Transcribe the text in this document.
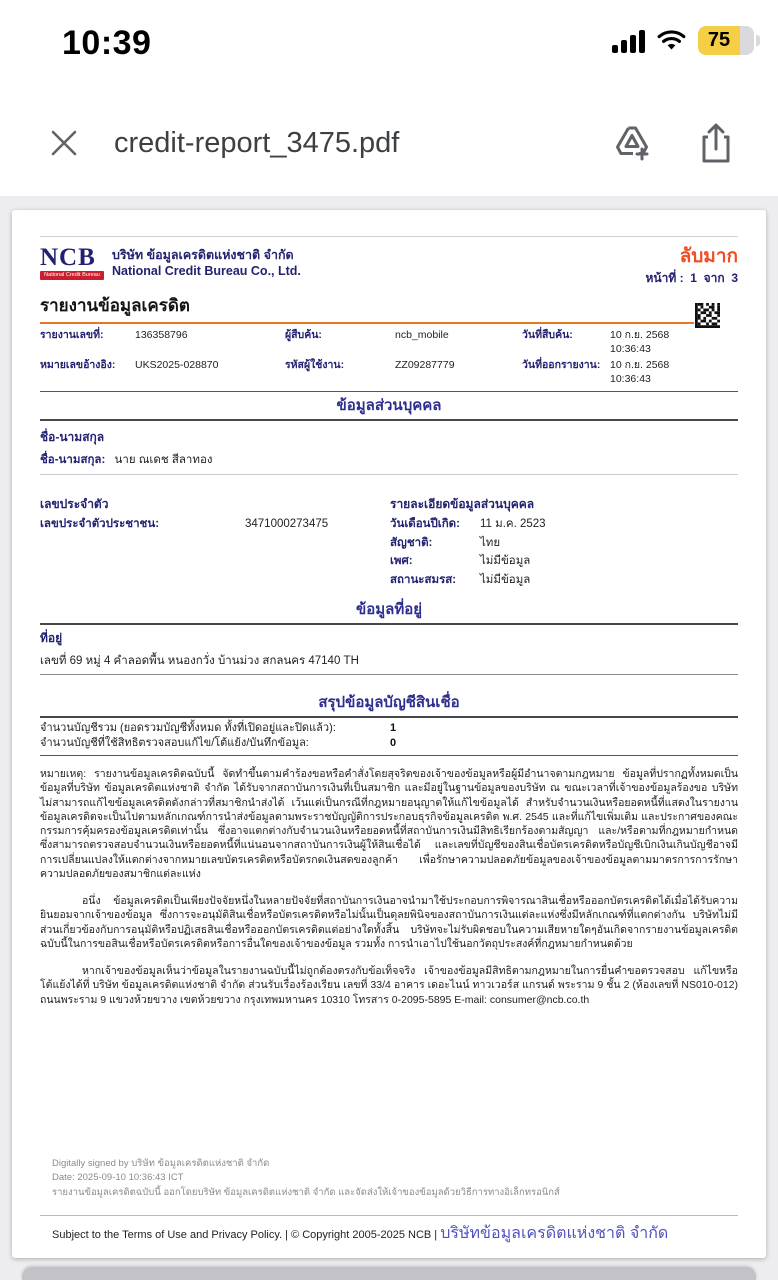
10:39	75
credit-report_3475.pdf
NCB
National Credit Bureau
บริษัท ข้อมูลเครดิตแห่งชาติ จำกัด
National Credit Bureau Co., Ltd.
ลับมาก
หน้าที่ :  1  จาก  3
รายงานข้อมูลเครดิต
รายงานเลขที่:	136358796	ผู้สืบค้น:	ncb_mobile	วันที่สืบค้น:	10 ก.ย. 2568 10:36:43
หมายเลขอ้างอิง:	UKS2025-028870	รหัสผู้ใช้งาน:	ZZ09287779	วันที่ออกรายงาน: 10 ก.ย. 2568 10:36:43
ข้อมูลส่วนบุคคล
ชื่อ-นามสกุล
ชื่อ-นามสกุล: นาย ณเดช สีลาทอง
เลขประจำตัว
เลขประจำตัวประชาชน:	3471000273475
รายละเอียดข้อมูลส่วนบุคคล
วันเดือนปีเกิด:	11 ม.ค. 2523
สัญชาติ:	ไทย
เพศ:	ไม่มีข้อมูล
สถานะสมรส:	ไม่มีข้อมูล
ข้อมูลที่อยู่
ที่อยู่
เลขที่ 69 หมู่ 4 คำลอดพื้น หนองกวั่ง บ้านม่วง สกลนคร 47140 TH
สรุปข้อมูลบัญชีสินเชื่อ
จำนวนบัญชีรวม (ยอดรวมบัญชีทั้งหมด ทั้งที่เปิดอยู่และปิดแล้ว):	1
จำนวนบัญชีที่ใช้สิทธิตรวจสอบแก้ไข/โต้แย้ง/บันทึกข้อมูล:	0

หมายเหตุ: รายงานข้อมูลเครดิตฉบับนี้ จัดทำขึ้นตามคำร้องขอหรือคำสั่งโดยสุจริตของเจ้าของข้อมูลหรือผู้มีอำนาจตามกฎหมาย ข้อมูลที่ปรากฏทั้งหมดเป็นข้อมูลที่บริษัท ข้อมูลเครดิตแห่งชาติ จำกัด ได้รับจากสถาบันการเงินที่เป็นสมาชิก และมีอยู่ในฐานข้อมูลของบริษัท ณ ขณะเวลาที่เจ้าของข้อมูลร้องขอ บริษัทไม่สามารถแก้ไขข้อมูลเครดิตดังกล่าวที่สมาชิกนำส่งได้ เว้นแต่เป็นกรณีที่กฎหมายอนุญาตให้แก้ไขข้อมูลได้ สำหรับจำนวนเงินหรือยอดหนี้ที่แสดงในรายงานข้อมูลเครดิตจะเป็นไปตามหลักเกณฑ์การนำส่งข้อมูลตามพระราชบัญญัติการประกอบธุรกิจข้อมูลเครดิต พ.ศ. 2545 และที่แก้ไขเพิ่มเติม และประกาศของคณะกรรมการคุ้มครองข้อมูลเครดิตเท่านั้น ซึ่งอาจแตกต่างกับจำนวนเงินหรือยอดหนี้ที่สถาบันการเงินมีสิทธิเรียกร้องตามสัญญา และ/หรือตามที่กฎหมายกำหนด ซึ่งสามารถตรวจสอบจำนวนเงินหรือยอดหนี้ที่แน่นอนจากสถาบันการเงินผู้ให้สินเชื่อได้ และเลขที่บัญชีของสินเชื่อบัตรเครดิตหรือบัญชีเบิกเงินเกินบัญชีอาจมีการเปลี่ยนแปลงให้แตกต่างจากหมายเลขบัตรเครดิตหรือบัตรกดเงินสดของลูกค้า เพื่อรักษาความปลอดภัยข้อมูลของเจ้าของข้อมูลตามมาตรการการรักษาความปลอดภัยของสมาชิกแต่ละแห่ง

อนึ่ง ข้อมูลเครดิตเป็นเพียงปัจจัยหนึ่งในหลายปัจจัยที่สถาบันการเงินอาจนำมาใช้ประกอบการพิจารณาสินเชื่อหรือออกบัตรเครดิตได้เมื่อได้รับความยินยอมจากเจ้าของข้อมูล ซึ่งการจะอนุมัติสินเชื่อหรือบัตรเครดิตหรือไม่นั้นเป็นดุลยพินิจของสถาบันการเงินแต่ละแห่งซึ่งมีหลักเกณฑ์ที่แตกต่างกัน บริษัทไม่มีส่วนเกี่ยวข้องกับการอนุมัติหรือปฏิเสธสินเชื่อหรือออกบัตรเครดิตแต่อย่างใดทั้งสิ้น บริษัทจะไม่รับผิดชอบในความเสียหายใดๆอันเกิดจากรายงานข้อมูลเครดิตฉบับนี้ในการขอสินเชื่อหรือบัตรเครดิตหรือการอื่นใดของเจ้าของข้อมูล รวมทั้ง การนำเอาไปใช้นอกวัตถุประสงค์ที่กฎหมายกำหนดด้วย

หากเจ้าของข้อมูลเห็นว่าข้อมูลในรายงานฉบับนี้ไม่ถูกต้องตรงกับข้อเท็จจริง เจ้าของข้อมูลมีสิทธิตามกฎหมายในการยื่นคำขอตรวจสอบ แก้ไขหรือโต้แย้งได้ที่ บริษัท ข้อมูลเครดิตแห่งชาติ จำกัด ส่วนรับเรื่องร้องเรียน เลขที่ 33/4 อาคาร เดอะไนน์ ทาวเวอร์ส แกรนด์ พระราม 9 ชั้น 2 (ห้องเลขที่ NS010-012) ถนนพระราม 9 แขวงห้วยขวาง เขตห้วยขวาง กรุงเทพมหานคร 10310 โทรสาร 0-2095-5895 E-mail: consumer@ncb.co.th

Digitally signed by บริษัท ข้อมูลเครดิตแห่งชาติ จำกัด
Date: 2025-09-10 10:36:43 ICT
รายงานข้อมูลเครดิตฉบับนี้ ออกโดยบริษัท ข้อมูลเครดิตแห่งชาติ จำกัด และจัดส่งให้เจ้าของข้อมูลด้วยวิธีการทางอิเล็กทรอนิกส์
Subject to the Terms of Use and Privacy Policy. | © Copyright 2005-2025 NCB | บริษัทข้อมูลเครดิตแห่งชาติ จำกัด
